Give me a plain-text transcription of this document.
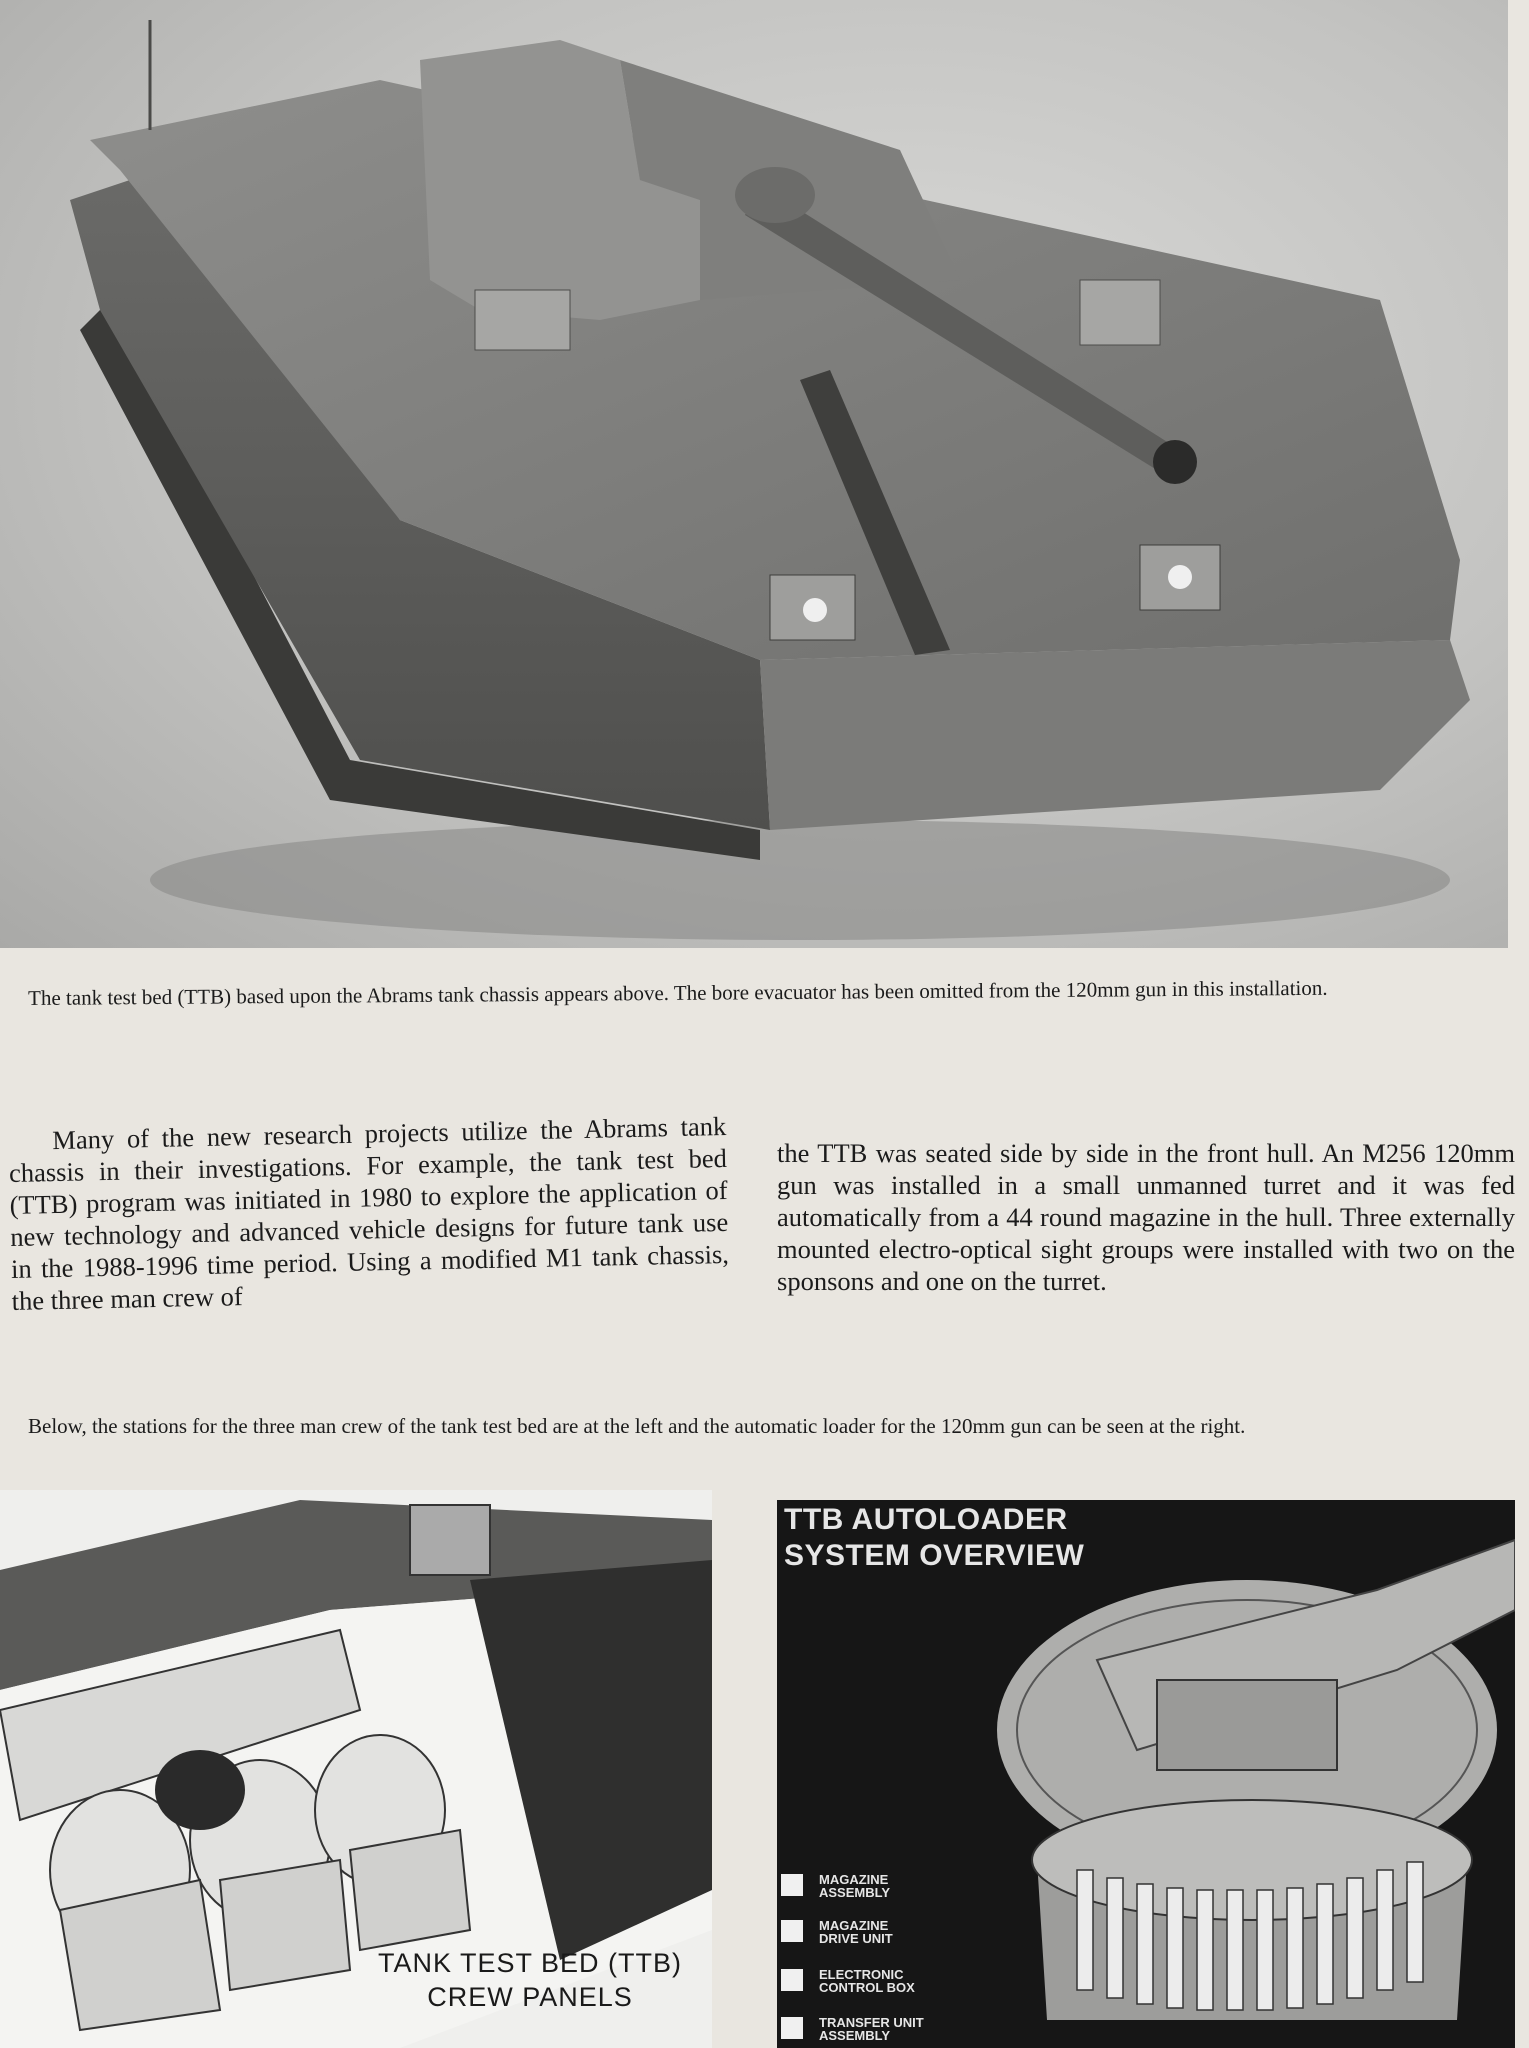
The tank test bed (TTB) based upon the Abrams tank chassis appears above. The bore evacuator has been omitted from the 120mm gun in this installation.
Many of the new research projects utilize the Abrams tank chassis in their investigations. For example, the tank test bed (TTB) program was initiated in 1980 to explore the application of new technology and advanced vehicle designs for future tank use in the 1988-1996 time period. Using a modified M1 tank chassis, the three man crew of
the TTB was seated side by side in the front hull. An M256 120mm gun was installed in a small unmanned turret and it was fed automatically from a 44 round magazine in the hull. Three externally mounted electro-optical sight groups were installed with two on the sponsons and one on the turret.
Below, the stations for the three man crew of the tank test bed are at the left and the automatic loader for the 120mm gun can be seen at the right.
TANK TEST BED (TTB)
CREW PANELS
TTB AUTOLOADER
SYSTEM OVERVIEW
MAGAZINE
ASSEMBLY
MAGAZINE
DRIVE UNIT
ELECTRONIC
CONTROL BOX
TRANSFER UNIT
ASSEMBLY
